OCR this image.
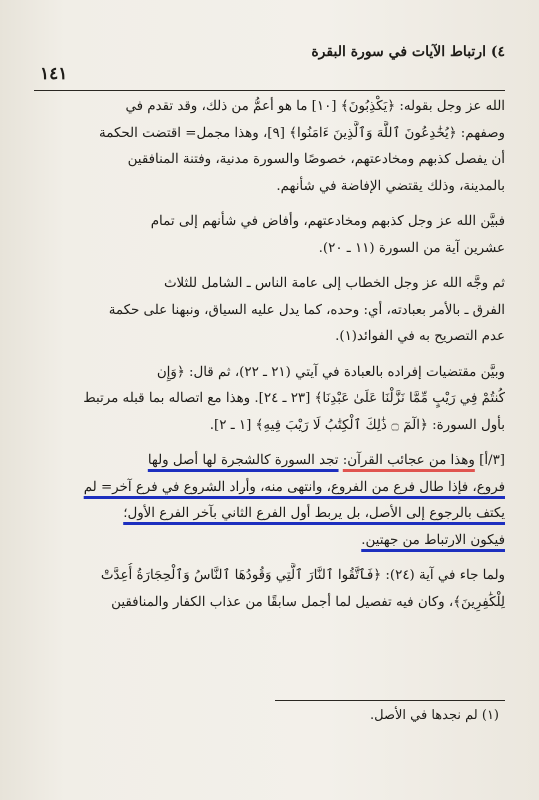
٤) ارتباط الآيات في سورة البقرة
١٤١
الله عز وجل بقوله: ﴿يَكْذِبُونَ﴾ [١٠] ما هو أعمُّ من ذلك، وقد تقدم في
وصفهم: ﴿يُخَٰدِعُونَ ٱللَّهَ وَٱلَّذِينَ ءَامَنُوا﴾ [٩]، وهذا مجمل= اقتضت الحكمة
أن يفصل كذبهم ومخادعتهم، خصوصًا والسورة مدنية، وفتنة المنافقين
بالمدينة، وذلك يقتضي الإفاضة في شأنهم.
فبيَّن الله عز وجل كذبهم ومخادعتهم، وأفاض في شأنهم إلى تمام
عشرين آية من السورة (١١ ـ ٢٠).
ثم وجَّه الله عز وجل الخطاب إلى عامة الناس ـ الشامل للثلاث
الفرق ـ بالأمر بعبادته، أي: وحده، كما يدل عليه السياق، ونبهنا على حكمة
عدم التصريح به في الفوائد(١).
وبيَّن مقتضيات إفراده بالعبادة في آيتي (٢١ ـ ٢٢)، ثم قال: ﴿وَإِن
كُنتُمْ فِي رَيْبٍ مِّمَّا نَزَّلْنَا عَلَىٰ عَبْدِنَا﴾ [٢٣ ـ ٢٤]. وهذا مع اتصاله بما قبله مرتبط
بأول السورة: ﴿الٓمٓ ۝ ذَٰلِكَ ٱلْكِتَٰبُ لَا رَيْبَ فِيهِ﴾ [١ ـ ٢].
[٣/أ] وهذا من عجائب القرآن: تجد السورة كالشجرة لها أصل ولها
فروع، فإذا طال فرع من الفروع، وانتهى منه، وأراد الشروع في فرع آخر= لم
يكتف بالرجوع إلى الأصل، بل يربط أول الفرع الثاني بآخر الفرع الأول؛
فيكون الارتباط من جهتين.
ولما جاء في آية (٢٤): ﴿فَٱتَّقُوا ٱلنَّارَ ٱلَّتِي وَقُودُهَا ٱلنَّاسُ وَٱلْحِجَارَةُ أُعِدَّتْ
لِلْكَٰفِرِينَ﴾، وكان فيه تفصيل لما أجمل سابقًا من عذاب الكفار والمنافقين
(١) لم نجدها في الأصل.
